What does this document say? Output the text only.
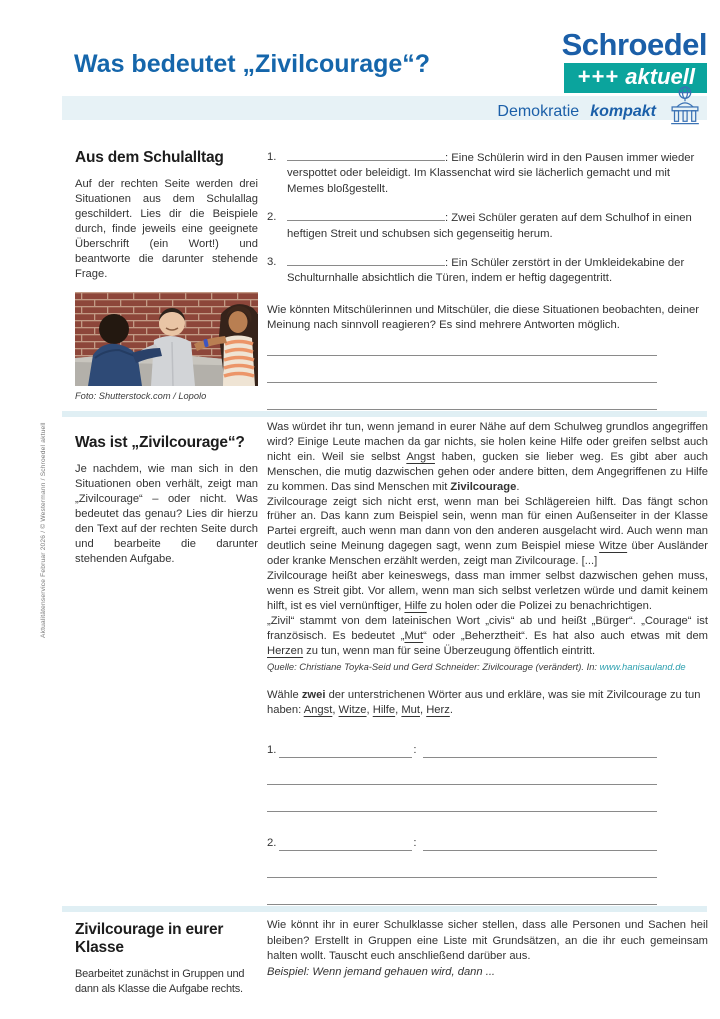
Aktualitätenservice Februar 2026 / © Westermann / Schroedel aktuell
Was bedeutet „Zivilcourage“?
Schroedel
+++ aktuell
Demokratie kompakt
Aus dem Schulalltag

Auf der rechten Seite werden drei Situationen aus dem Schulallag geschildert. Lies dir die Beispiele durch, finde jeweils eine geeignete Überschrift (ein Wort!) und beantworte die darunter stehende Frage.

Foto: Shutterstock.com / Lopolo
1.	: Eine Schülerin wird in den Pausen immer wieder verspottet oder beleidigt. Im Klassenchat wird sie lächerlich gemacht und mit Memes bloßgestellt.
2.	: Zwei Schüler geraten auf dem Schulhof in einen heftigen Streit und schubsen sich gegenseitig herum.
3.	: Ein Schüler zerstört in der Umkleidekabine der Schulturnhalle absichtlich die Türen, indem er heftig dagegentritt.

Wie könnten Mitschülerinnen und Mitschüler, die diese Situationen beobachten, deiner Meinung nach sinnvoll reagieren? Es sind mehrere Antworten möglich.

Was ist „Zivilcourage“?

Je nachdem, wie man sich in den Situationen oben verhält, zeigt man „Zivilcourage“ – oder nicht. Was bedeutet das genau? Lies dir hierzu den Text auf der rechten Seite durch und bearbeite die darunter stehenden Aufgabe.

Was würdet ihr tun, wenn jemand in eurer Nähe auf dem Schulweg grundlos angegriffen wird? Einige Leute machen da gar nichts, sie holen keine Hilfe oder greifen selbst auch nicht ein. Weil sie selbst Angst haben, gucken sie lieber weg. Es gibt aber auch Menschen, die mutig dazwischen gehen oder andere bitten, dem Angegriffenen zu Hilfe zu kommen. Das sind Menschen mit Zivilcourage.

Zivilcourage zeigt sich nicht erst, wenn man bei Schlägereien hilft. Das fängt schon früher an. Das kann zum Beispiel sein, wenn man für einen Außenseiter in der Klasse Partei ergreift, auch wenn man dann von den anderen ausgelacht wird. Auch wenn man deutlich seine Meinung dagegen sagt, wenn zum Beispiel miese Witze über Ausländer oder kranke Menschen erzählt werden, zeigt man Zivilcourage. [...]

Zivilcourage heißt aber keineswegs, dass man immer selbst dazwischen gehen muss, wenn es Streit gibt. Vor allem, wenn man sich selbst verletzen würde und damit keinem hilft, ist es viel vernünftiger, Hilfe zu holen oder die Polizei zu benachrichtigen.

„Zivil“ stammt von dem lateinischen Wort „civis“ ab und heißt „Bürger“. „Courage“ ist französisch. Es bedeutet „Mut“ oder „Beherztheit“. Es hat also auch etwas mit dem Herzen zu tun, wenn man für seine Überzeugung öffentlich eintritt.

Quelle: Christiane Toyka-Seid und Gerd Schneider: Zivilcourage (verändert). In: www.hanisauland.de

Wähle zwei der unterstrichenen Wörter aus und erkläre, was sie mit Zivilcourage zu tun haben: Angst, Witze, Hilfe, Mut, Herz.

1.	:
2.	:
Zivilcourage in eurer Klasse

Bearbeitet zunächst in Gruppen und dann als Klasse die Aufgabe rechts.

Wie könnt ihr in eurer Schulklasse sicher stellen, dass alle Personen und Sachen heil bleiben? Erstellt in Gruppen eine Liste mit Grundsätzen, an die ihr euch gemeinsam halten wollt. Tauscht euch anschließend darüber aus.

Beispiel: Wenn jemand gehauen wird, dann ...
